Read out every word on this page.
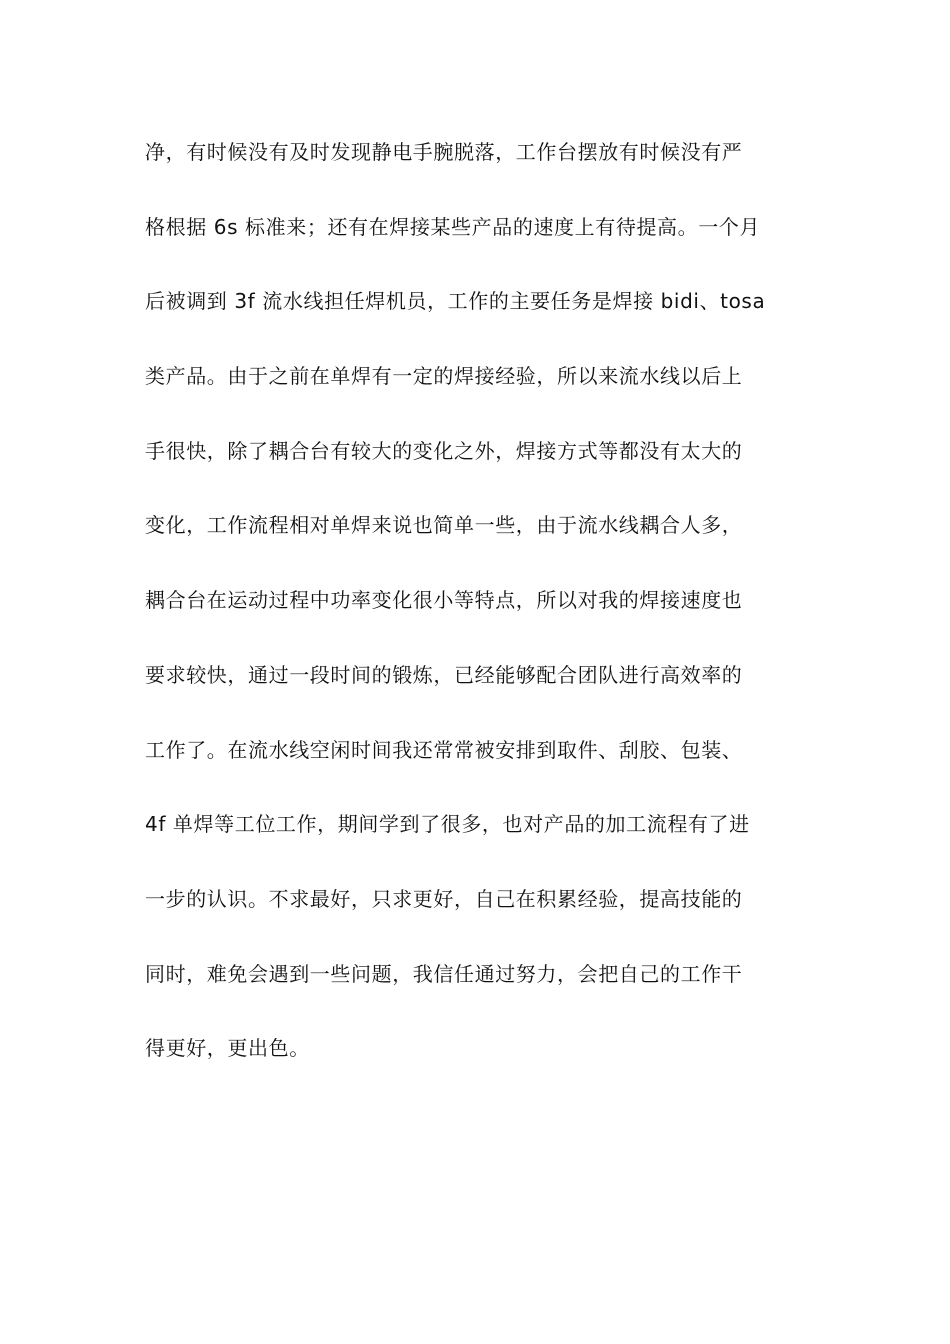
净，有时候没有及时发现静电手腕脱落，工作台摆放有时候没有严
格根据 6s 标准来；还有在焊接某些产品的速度上有待提高。一个月
后被调到 3f 流水线担任焊机员，工作的主要任务是焊接 bidi、tosa
类产品。由于之前在单焊有一定的焊接经验，所以来流水线以后上
手很快，除了耦合台有较大的变化之外，焊接方式等都没有太大的
变化，工作流程相对单焊来说也简单一些，由于流水线耦合人多，
耦合台在运动过程中功率变化很小等特点，所以对我的焊接速度也
要求较快，通过一段时间的锻炼，已经能够配合团队进行高效率的
工作了。在流水线空闲时间我还常常被安排到取件、刮胶、包装、
4f 单焊等工位工作，期间学到了很多，也对产品的加工流程有了进
一步的认识。不求最好，只求更好，自己在积累经验，提高技能的
同时，难免会遇到一些问题，我信任通过努力，会把自己的工作干
得更好，更出色。
